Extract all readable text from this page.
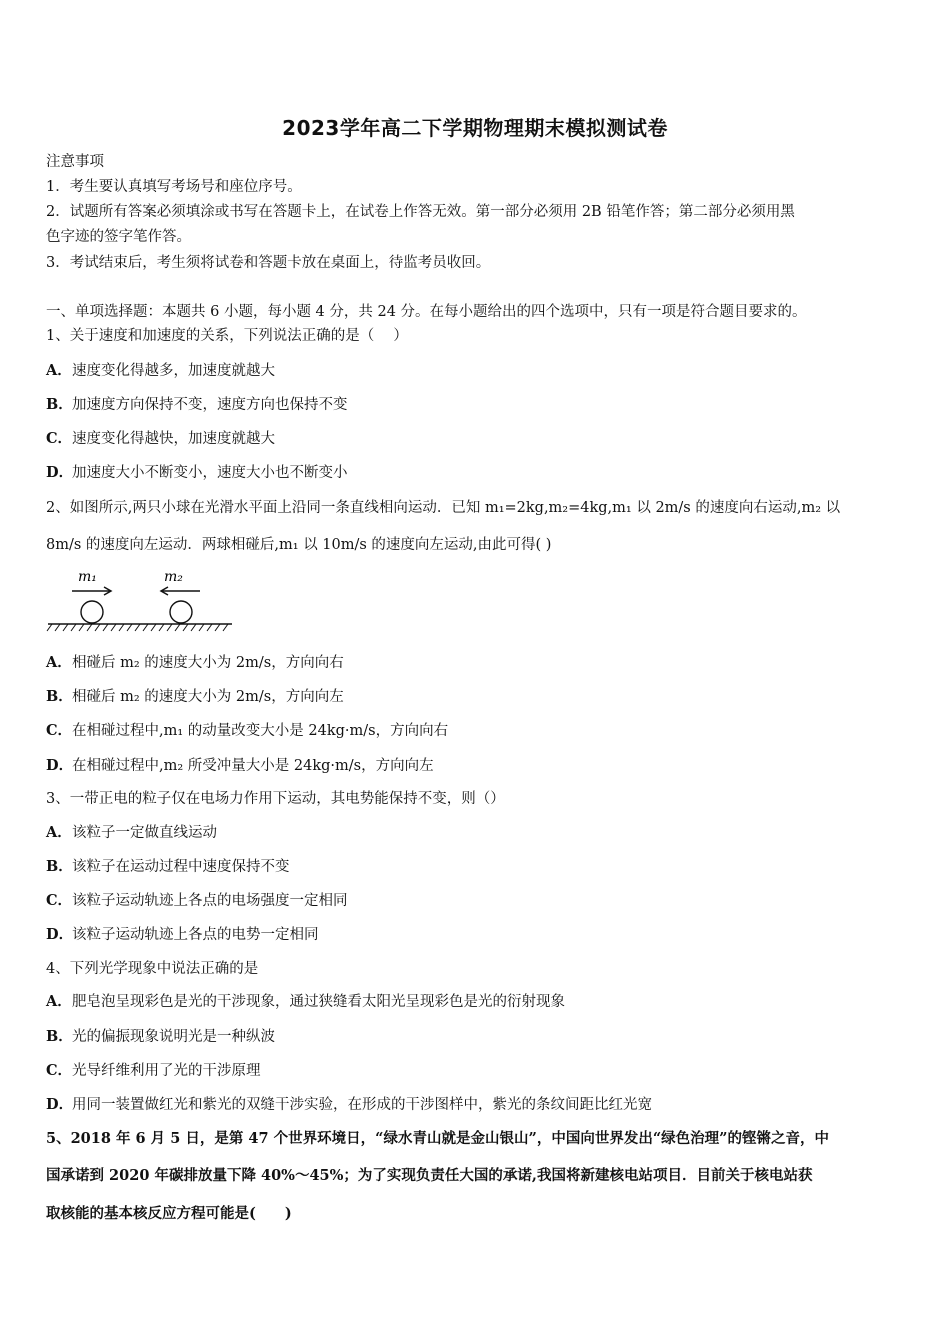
2023学年高二下学期物理期末模拟测试卷
注意事项
1．考生要认真填写考场号和座位序号。
2．试题所有答案必须填涂或书写在答题卡上，在试卷上作答无效。第一部分必须用 2B 铅笔作答；第二部分必须用黑
色字迹的签字笔作答。
3．考试结束后，考生须将试卷和答题卡放在桌面上，待监考员收回。
一、单项选择题：本题共 6 小题，每小题 4 分，共 24 分。在每小题给出的四个选项中，只有一项是符合题目要求的。
1、关于速度和加速度的关系，下列说法正确的是（　 ）
A．速度变化得越多，加速度就越大
B．加速度方向保持不变，速度方向也保持不变
C．速度变化得越快，加速度就越大
D．加速度大小不断变小，速度大小也不断变小
2、如图所示,两只小球在光滑水平面上沿同一条直线相向运动．已知 m₁=2kg,m₂=4kg,m₁ 以 2m/s 的速度向右运动,m₂ 以
8m/s 的速度向左运动．两球相碰后,m₁ 以 10m/s 的速度向左运动,由此可得( )
m₁	m₂
A．相碰后 m₂ 的速度大小为 2m/s，方向向右
B．相碰后 m₂ 的速度大小为 2m/s，方向向左
C．在相碰过程中,m₁ 的动量改变大小是 24kg·m/s，方向向右
D．在相碰过程中,m₂ 所受冲量大小是 24kg·m/s，方向向左
3、一带正电的粒子仅在电场力作用下运动，其电势能保持不变，则（）
A．该粒子一定做直线运动
B．该粒子在运动过程中速度保持不变
C．该粒子运动轨迹上各点的电场强度一定相同
D．该粒子运动轨迹上各点的电势一定相同
4、下列光学现象中说法正确的是
A．肥皂泡呈现彩色是光的干涉现象，通过狭缝看太阳光呈现彩色是光的衍射现象
B．光的偏振现象说明光是一种纵波
C．光导纤维利用了光的干涉原理
D．用同一装置做红光和紫光的双缝干涉实验，在形成的干涉图样中，紫光的条纹间距比红光宽
5、2018 年 6 月 5 日，是第 47 个世界环境日，“绿水青山就是金山银山”，中国向世界发出“绿色治理”的铿锵之音，中
国承诺到 2020 年碳排放量下降 40%～45%；为了实现负责任大国的承诺,我国将新建核电站项目．目前关于核电站获
取核能的基本核反应方程可能是(　　)
